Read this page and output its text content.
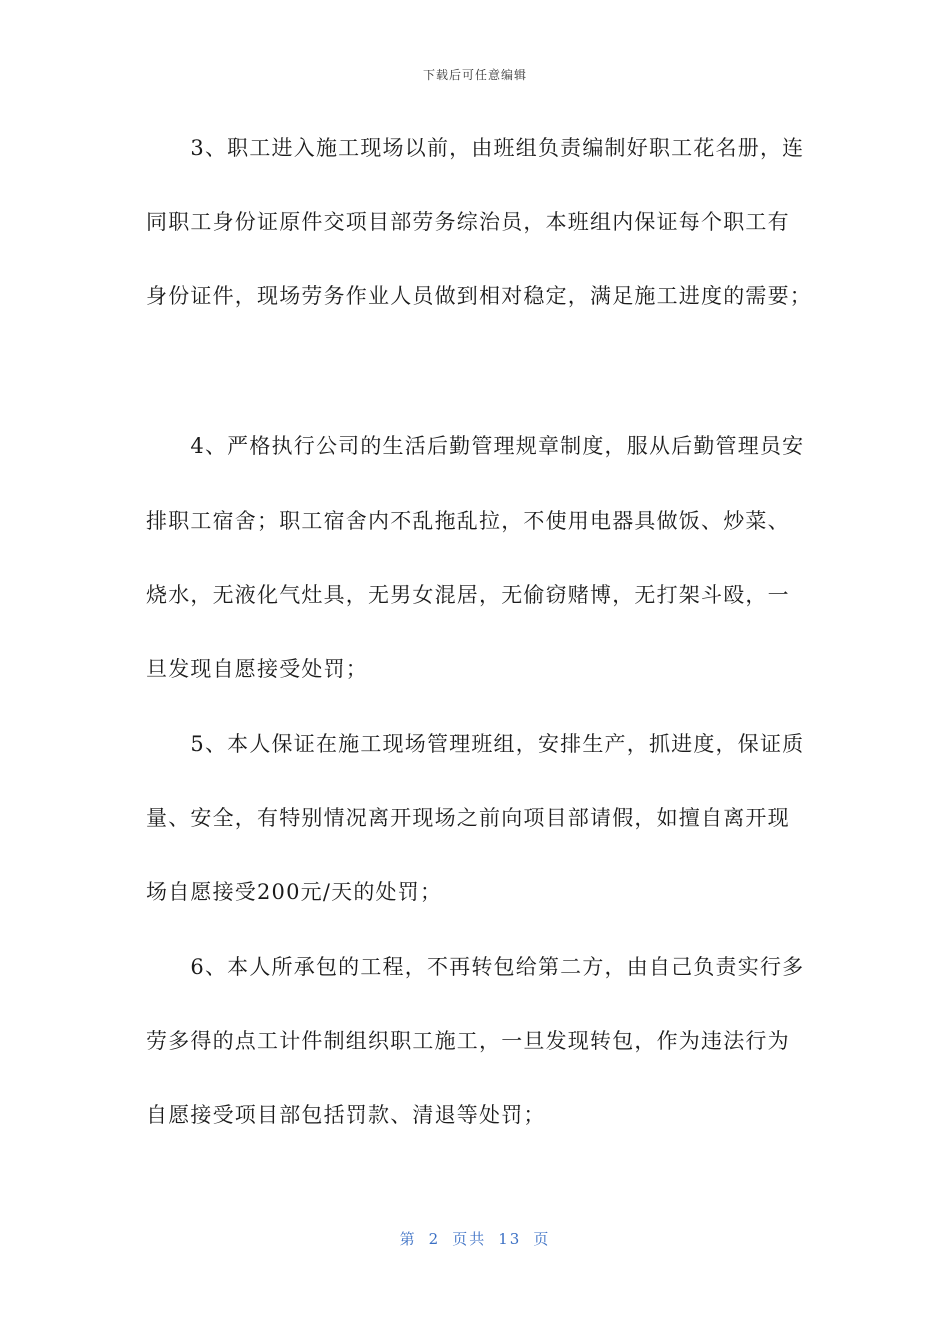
下载后可任意编辑
　　3、职工进入施工现场以前，由班组负责编制好职工花名册，连
同职工身份证原件交项目部劳务综治员，本班组内保证每个职工有
身份证件，现场劳务作业人员做到相对稳定，满足施工进度的需要；
　　4、严格执行公司的生活后勤管理规章制度，服从后勤管理员安
排职工宿舍；职工宿舍内不乱拖乱拉，不使用电器具做饭、炒菜、
烧水，无液化气灶具，无男女混居，无偷窃赌博，无打架斗殴，一
旦发现自愿接受处罚；
　　5、本人保证在施工现场管理班组，安排生产，抓进度，保证质
量、安全，有特别情况离开现场之前向项目部请假，如擅自离开现
场自愿接受200元/天的处罚；
　　6、本人所承包的工程，不再转包给第二方，由自己负责实行多
劳多得的点工计件制组织职工施工，一旦发现转包，作为违法行为
自愿接受项目部包括罚款、清退等处罚；
第 2 页共 13 页
